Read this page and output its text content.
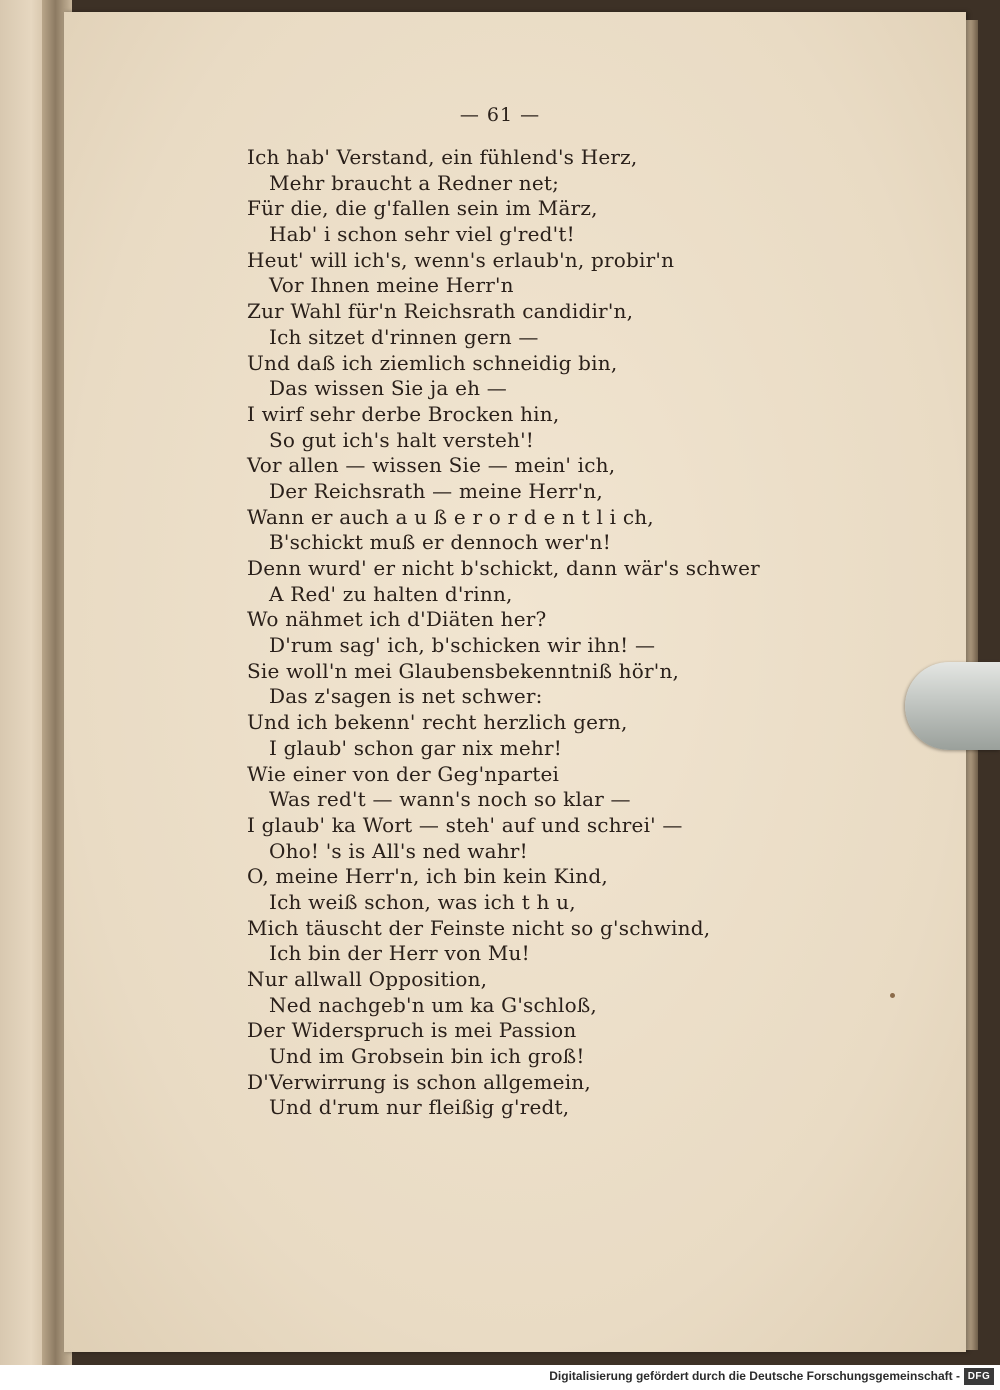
— 61 —
Ich hab' Verstand, ein fühlend's Herz,
Mehr braucht a Redner net;
Für die, die g'fallen sein im März,
Hab' i schon sehr viel g'red't!
Heut' will ich's, wenn's erlaub'n, probir'n
Vor Ihnen meine Herr'n
Zur Wahl für'n Reichsrath candidir'n,
Ich sitzet d'rinnen gern —
Und daß ich ziemlich schneidig bin,
Das wissen Sie ja eh —
I wirf sehr derbe Brocken hin,
So gut ich's halt versteh'!
Vor allen — wissen Sie — mein' ich,
Der Reichsrath — meine Herr'n,
Wann er auch a u ß e r o r d e n t l i ch,
B'schickt muß er dennoch wer'n!
Denn wurd' er nicht b'schickt, dann wär's schwer
A Red' zu halten d'rinn,
Wo nähmet ich d'Diäten her?
D'rum sag' ich, b'schicken wir ihn! —
Sie woll'n mei Glaubensbekenntniß hör'n,
Das z'sagen is net schwer:
Und ich bekenn' recht herzlich gern,
I glaub' schon gar nix mehr!
Wie einer von der Geg'npartei
Was red't — wann's noch so klar —
I glaub' ka Wort — steh' auf und schrei' —
Oho! 's is All's ned wahr!
O, meine Herr'n, ich bin kein Kind,
Ich weiß schon, was ich t h u,
Mich täuscht der Feinste nicht so g'schwind,
Ich bin der Herr von Mu!
Nur allwall Opposition,
Ned nachgeb'n um ka G'schloß,
Der Widerspruch is mei Passion
Und im Grobsein bin ich groß!
D'Verwirrung is schon allgemein,
Und d'rum nur fleißig g'redt,
Digitalisierung gefördert durch die Deutsche Forschungsgemeinschaft - DFG
